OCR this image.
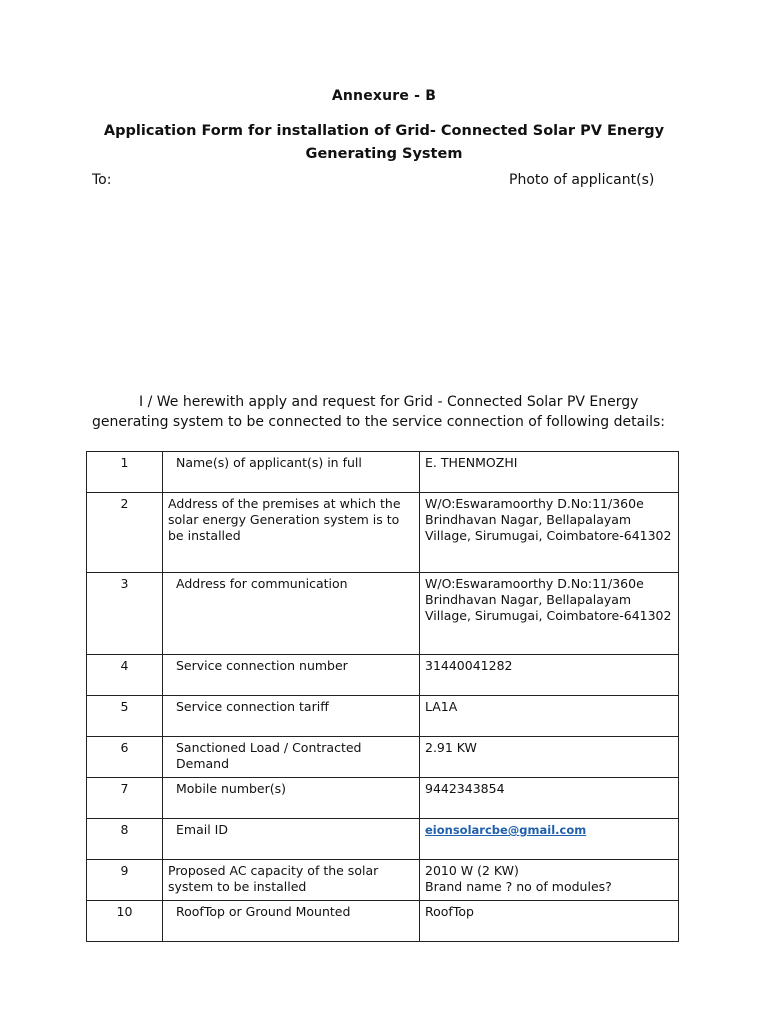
Annexure - B
Application Form for installation of Grid- Connected Solar PV Energy Generating System
To:	Photo of applicant(s)
I / We herewith apply and request for Grid - Connected Solar PV Energy
generating system to be connected to the service connection of following details:
1	Name(s) of applicant(s) in full	E. THENMOZHI
2	Address of the premises at which the solar energy Generation system is to be installed	W/O:Eswaramoorthy D.No:11/360e Brindhavan Nagar, Bellapalayam Village, Sirumugai, Coimbatore-641302
3	Address for communication	W/O:Eswaramoorthy D.No:11/360e Brindhavan Nagar, Bellapalayam Village, Sirumugai, Coimbatore-641302
4	Service connection number	31440041282
5	Service connection tariff	LA1A
6	Sanctioned Load / Contracted Demand	2.91 KW
7	Mobile number(s)	9442343854
8	Email ID	eionsolarcbe@gmail.com
9	Proposed AC capacity of the solar system to be installed	2010 W (2 KW)
Brand name ? no of modules?

10	RoofTop or Ground Mounted	RoofTop
